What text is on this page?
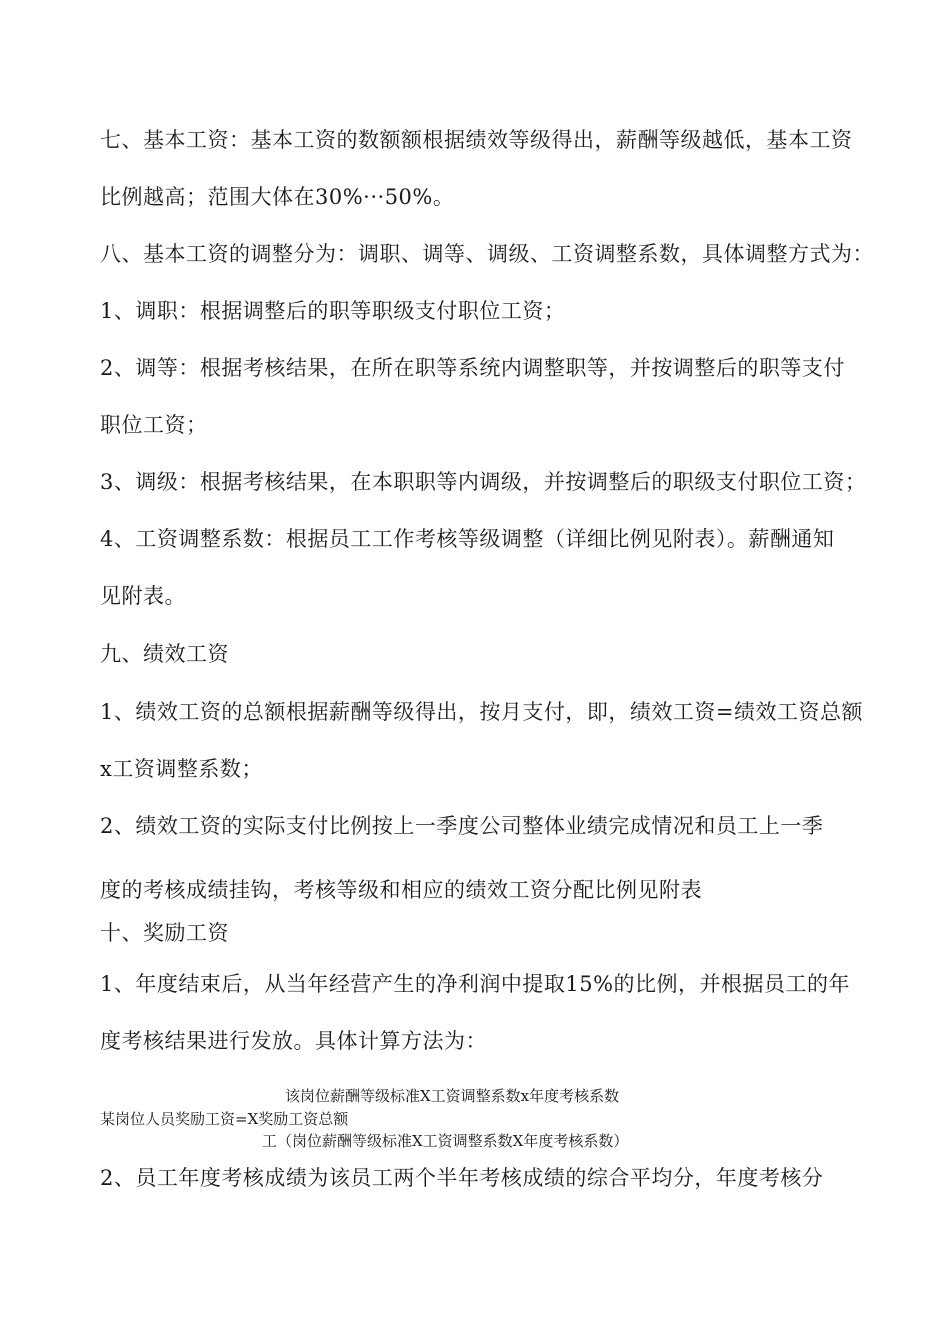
七、基本工资：基本工资的数额额根据绩效等级得出，薪酬等级越低，基本工资
比例越高；范围大体在30%···50%。
八、基本工资的调整分为：调职、调等、调级、工资调整系数，具体调整方式为：
1、调职：根据调整后的职等职级支付职位工资；
2、调等：根据考核结果，在所在职等系统内调整职等，并按调整后的职等支付
职位工资；
3、调级：根据考核结果，在本职职等内调级，并按调整后的职级支付职位工资；
4、工资调整系数：根据员工工作考核等级调整（详细比例见附表）。薪酬通知
见附表。
九、绩效工资
1、绩效工资的总额根据薪酬等级得出，按月支付，即，绩效工资=绩效工资总额
x工资调整系数；
2、绩效工资的实际支付比例按上一季度公司整体业绩完成情况和员工上一季
度的考核成绩挂钩，考核等级和相应的绩效工资分配比例见附表
十、奖励工资
1、年度结束后，从当年经营产生的净利润中提取15%的比例，并根据员工的年
度考核结果进行发放。具体计算方法为：
该岗位薪酬等级标准X工资调整系数x年度考核系数
某岗位人员奖励工资=X奖励工资总额
工（岗位薪酬等级标准X工资调整系数X年度考核系数）
2、员工年度考核成绩为该员工两个半年考核成绩的综合平均分，年度考核分
